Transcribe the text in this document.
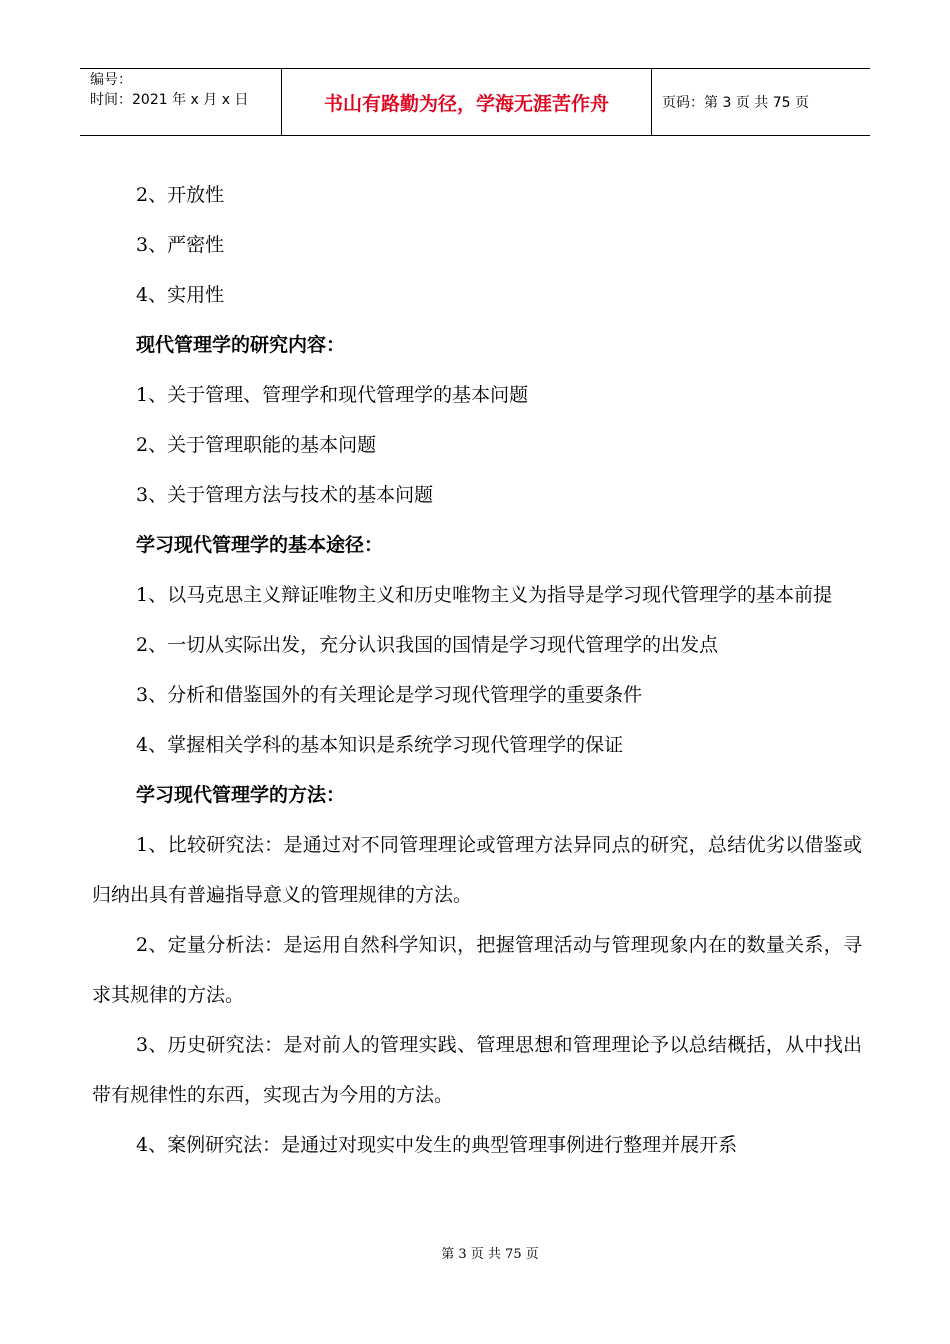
编号：
时间：2021 年 x 月 x 日	书山有路勤为径，学海无涯苦作舟	页码：第 3 页 共 75 页

2、开放性

3、严密性

4、实用性

现代管理学的研究内容：

1、关于管理、管理学和现代管理学的基本问题

2、关于管理职能的基本问题

3、关于管理方法与技术的基本问题

学习现代管理学的基本途径：

1、以马克思主义辩证唯物主义和历史唯物主义为指导是学习现代管理学的基本前提

2、一切从实际出发，充分认识我国的国情是学习现代管理学的出发点

3、分析和借鉴国外的有关理论是学习现代管理学的重要条件

4、掌握相关学科的基本知识是系统学习现代管理学的保证

学习现代管理学的方法：

1、比较研究法：是通过对不同管理理论或管理方法异同点的研究，总结优劣以借鉴或归纳出具有普遍指导意义的管理规律的方法。

2、定量分析法：是运用自然科学知识，把握管理活动与管理现象内在的数量关系，寻求其规律的方法。

3、历史研究法：是对前人的管理实践、管理思想和管理理论予以总结概括，从中找出带有规律性的东西，实现古为今用的方法。

4、案例研究法：是通过对现实中发生的典型管理事例进行整理并展开系

第 3 页 共 75 页
